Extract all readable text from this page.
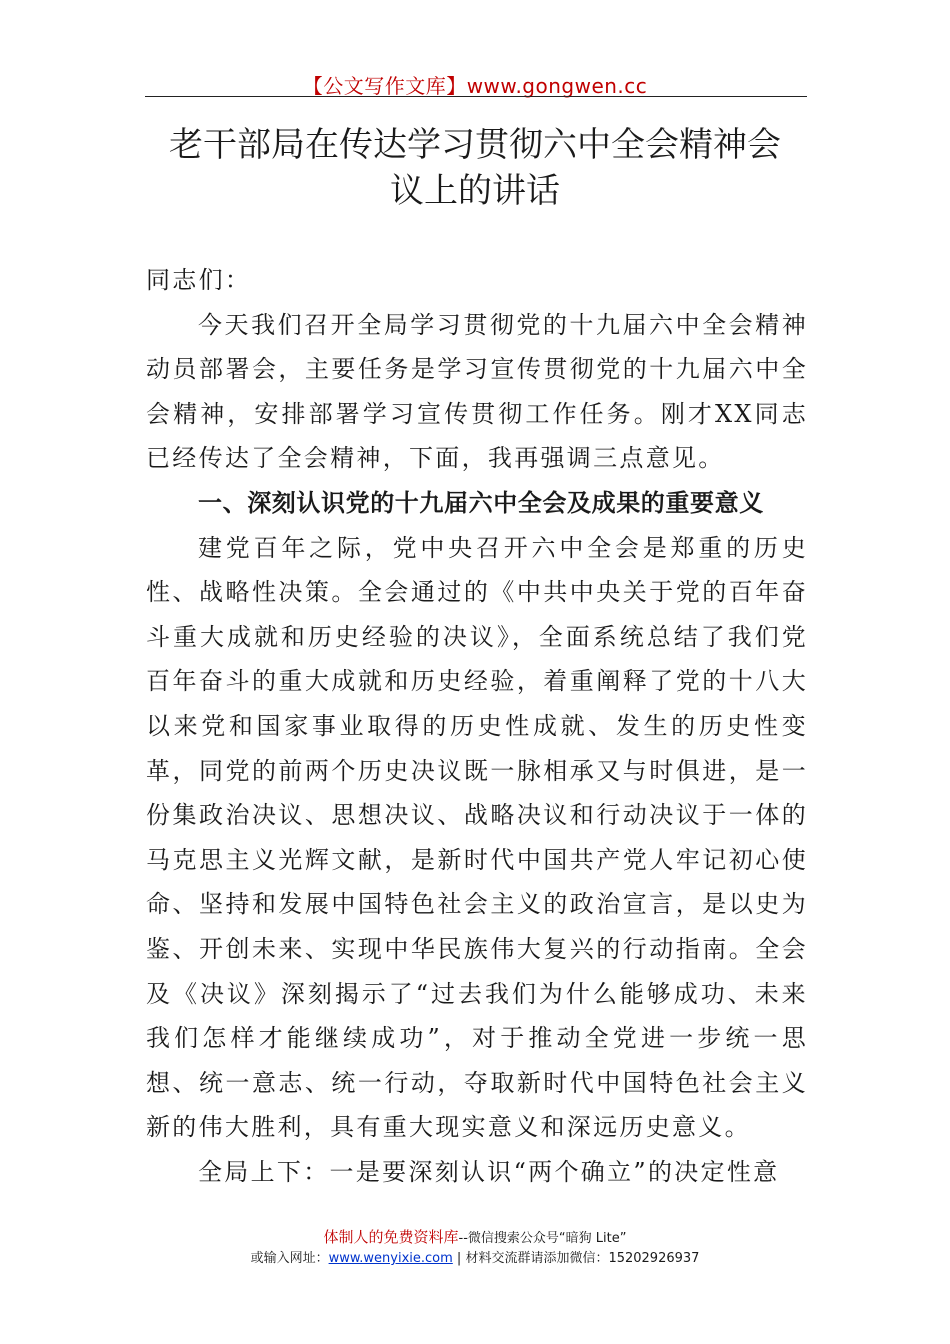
【公文写作文库】www.gongwen.cc
老干部局在传达学习贯彻六中全会精神会
议上的讲话

同志们：

今天我们召开全局学习贯彻党的十九届六中全会精神动员部署会，主要任务是学习宣传贯彻党的十九届六中全会精神，安排部署学习宣传贯彻工作任务。刚才XX同志已经传达了全会精神，下面，我再强调三点意见。

一、深刻认识党的十九届六中全会及成果的重要意义

建党百年之际，党中央召开六中全会是郑重的历史性、战略性决策。全会通过的《中共中央关于党的百年奋斗重大成就和历史经验的决议》，全面系统总结了我们党百年奋斗的重大成就和历史经验，着重阐释了党的十八大以来党和国家事业取得的历史性成就、发生的历史性变革，同党的前两个历史决议既一脉相承又与时俱进，是一份集政治决议、思想决议、战略决议和行动决议于一体的马克思主义光辉文献，是新时代中国共产党人牢记初心使命、坚持和发展中国特色社会主义的政治宣言，是以史为鉴、开创未来、实现中华民族伟大复兴的行动指南。全会及《决议》深刻揭示了“过去我们为什么能够成功、未来我们怎样才能继续成功”，对于推动全党进一步统一思想、统一意志、统一行动，夺取新时代中国特色社会主义新的伟大胜利，具有重大现实意义和深远历史意义。

全局上下：一是要深刻认识“两个确立”的决定性意

体制人的免费资料库--微信搜索公众号“暗狗 Lite”
或输入网址：www.wenyixie.com | 材料交流群请添加微信：15202926937
